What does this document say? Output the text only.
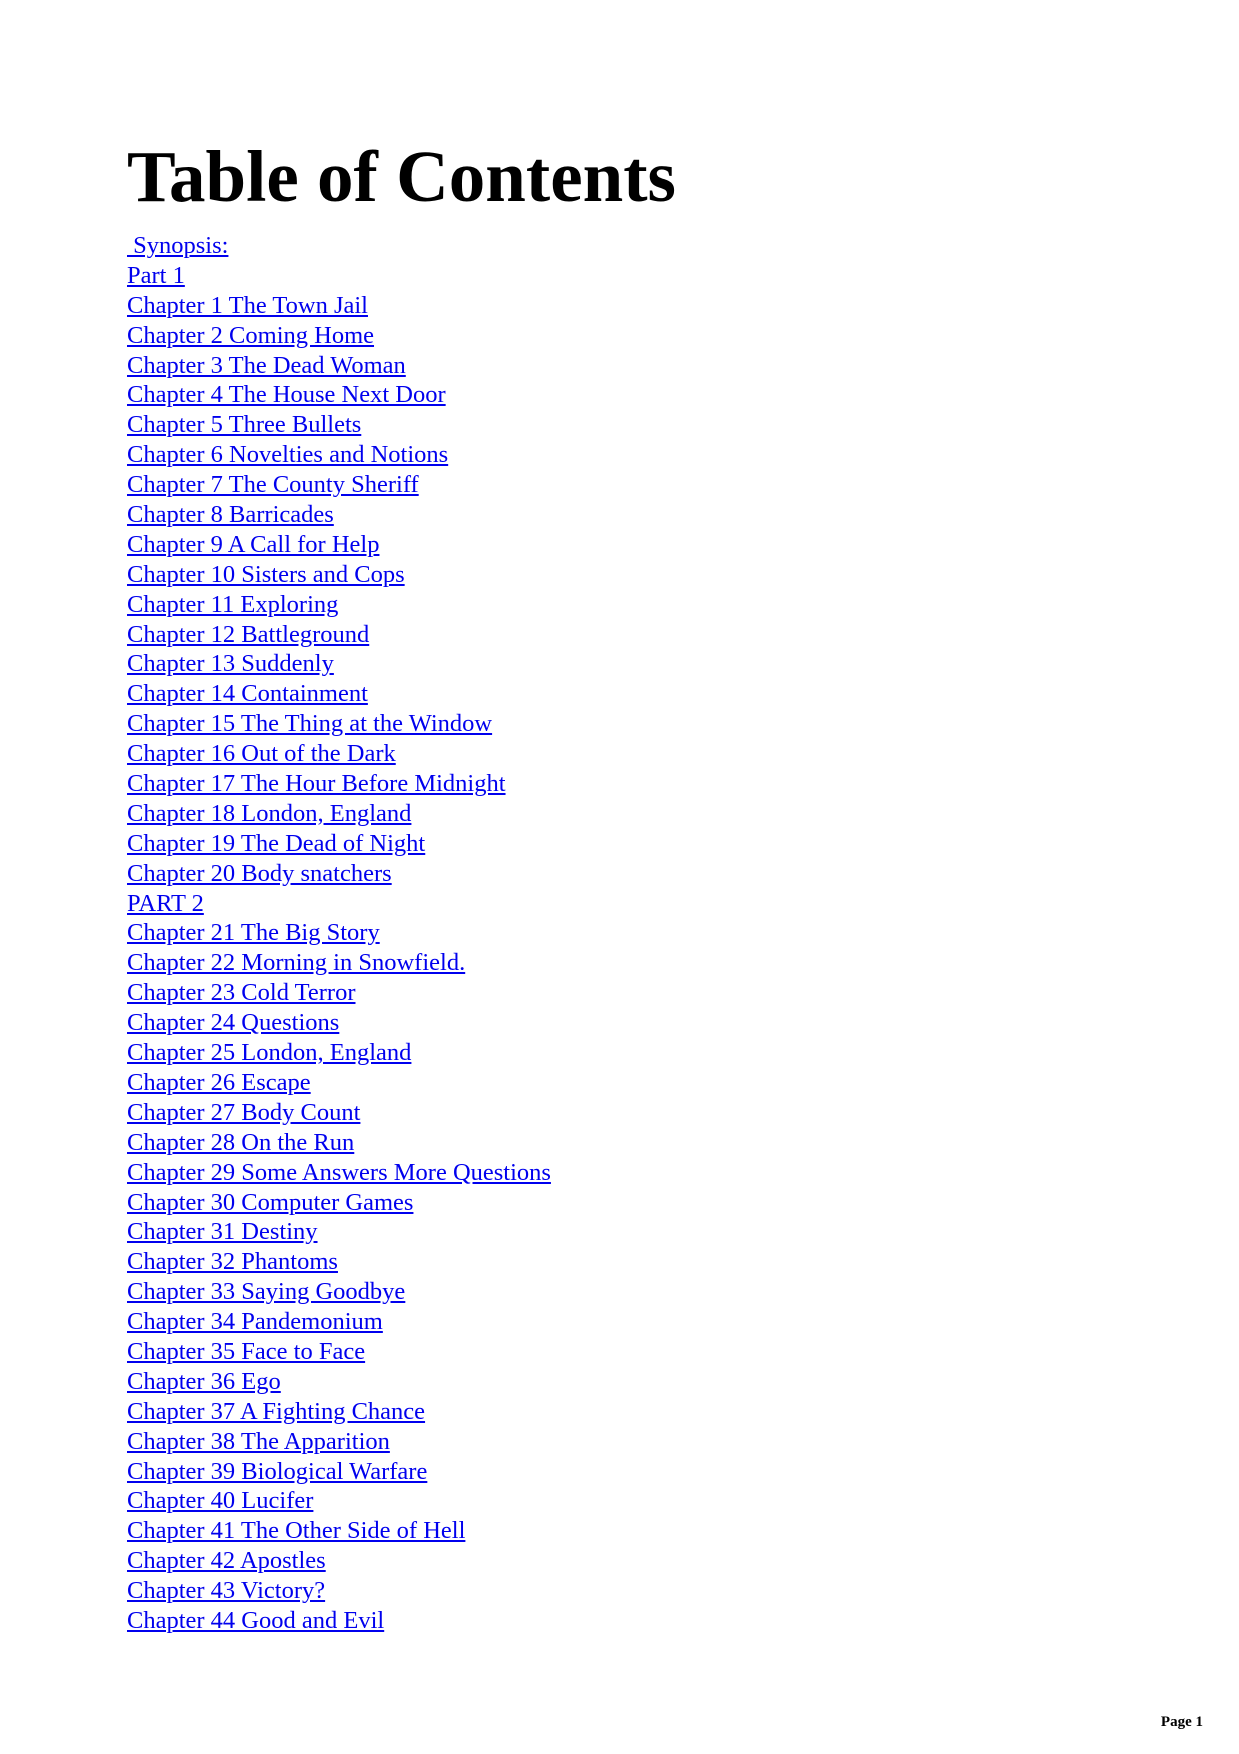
Table of Contents
Synopsis:
Part 1
Chapter 1 The Town Jail
Chapter 2 Coming Home
Chapter 3 The Dead Woman
Chapter 4 The House Next Door
Chapter 5 Three Bullets
Chapter 6 Novelties and Notions
Chapter 7 The County Sheriff
Chapter 8 Barricades
Chapter 9 A Call for Help
Chapter 10 Sisters and Cops
Chapter 11 Exploring
Chapter 12 Battleground
Chapter 13 Suddenly
Chapter 14 Containment
Chapter 15 The Thing at the Window
Chapter 16 Out of the Dark
Chapter 17 The Hour Before Midnight
Chapter 18 London, England
Chapter 19 The Dead of Night
Chapter 20 Body snatchers
PART 2
Chapter 21 The Big Story
Chapter 22 Morning in Snowfield.
Chapter 23 Cold Terror
Chapter 24 Questions
Chapter 25 London, England
Chapter 26 Escape
Chapter 27 Body Count
Chapter 28 On the Run
Chapter 29 Some Answers More Questions
Chapter 30 Computer Games
Chapter 31 Destiny
Chapter 32 Phantoms
Chapter 33 Saying Goodbye
Chapter 34 Pandemonium
Chapter 35 Face to Face
Chapter 36 Ego
Chapter 37 A Fighting Chance
Chapter 38 The Apparition
Chapter 39 Biological Warfare
Chapter 40 Lucifer
Chapter 41 The Other Side of Hell
Chapter 42 Apostles
Chapter 43 Victory?
Chapter 44 Good and Evil
Page 1
